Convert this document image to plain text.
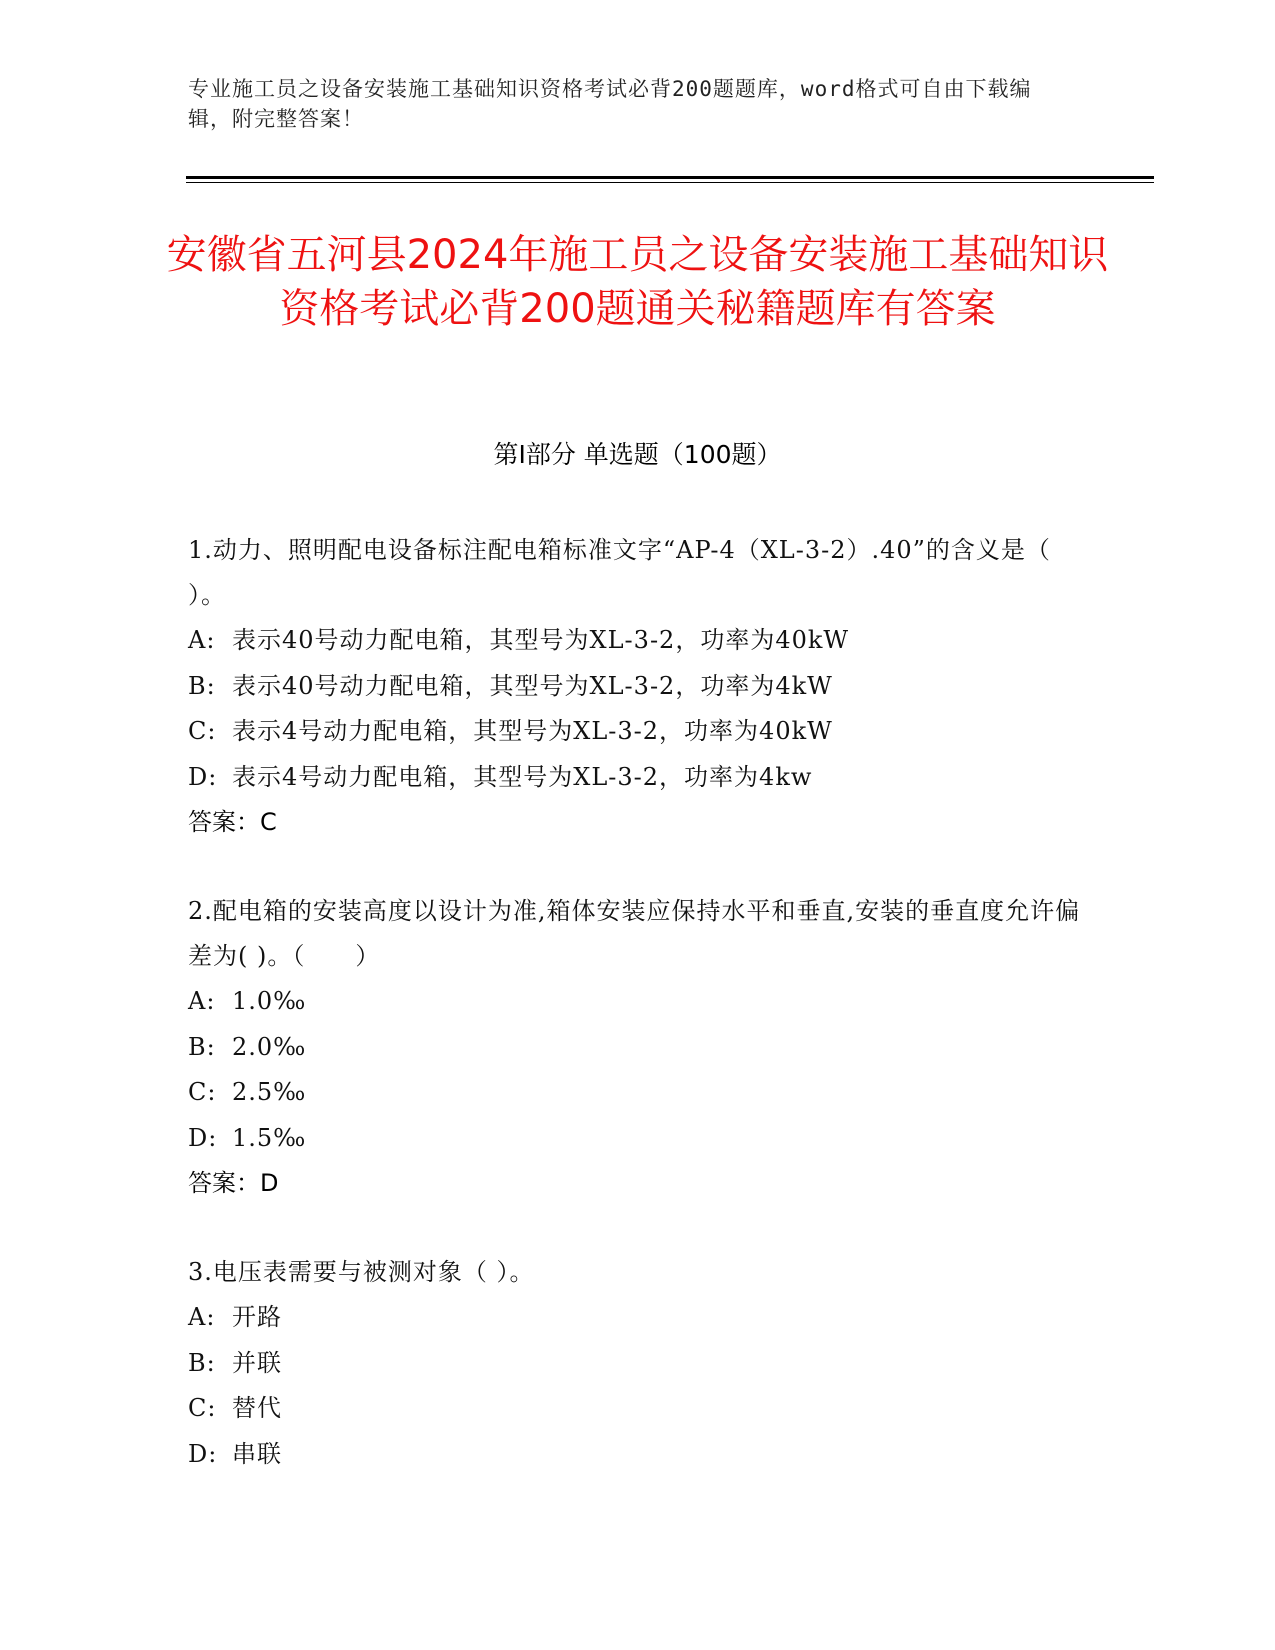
专业施工员之设备安装施工基础知识资格考试必背200题题库，word格式可自由下载编辑，附完整答案！
安徽省五河县2024年施工员之设备安装施工基础知识资格考试必背200题通关秘籍题库有答案
第Ⅰ部分 单选题（100题）
1.动力、照明配电设备标注配电箱标准文字“AP-4（XL-3-2）.40”的含义是（ ）。
A: 表示40号动力配电箱，其型号为XL-3-2，功率为40kW
B: 表示40号动力配电箱，其型号为XL-3-2，功率为4kW
C: 表示4号动力配电箱，其型号为XL-3-2，功率为40kW
D: 表示4号动力配电箱，其型号为XL-3-2，功率为4kw
答案：C
2.配电箱的安装高度以设计为准,箱体安装应保持水平和垂直,安装的垂直度允许偏差为( )。（　　）
A: 1.0‰
B: 2.0‰
C: 2.5‰
D: 1.5‰
答案：D
3.电压表需要与被测对象（ ）。
A: 开路
B: 并联
C: 替代
D: 串联
